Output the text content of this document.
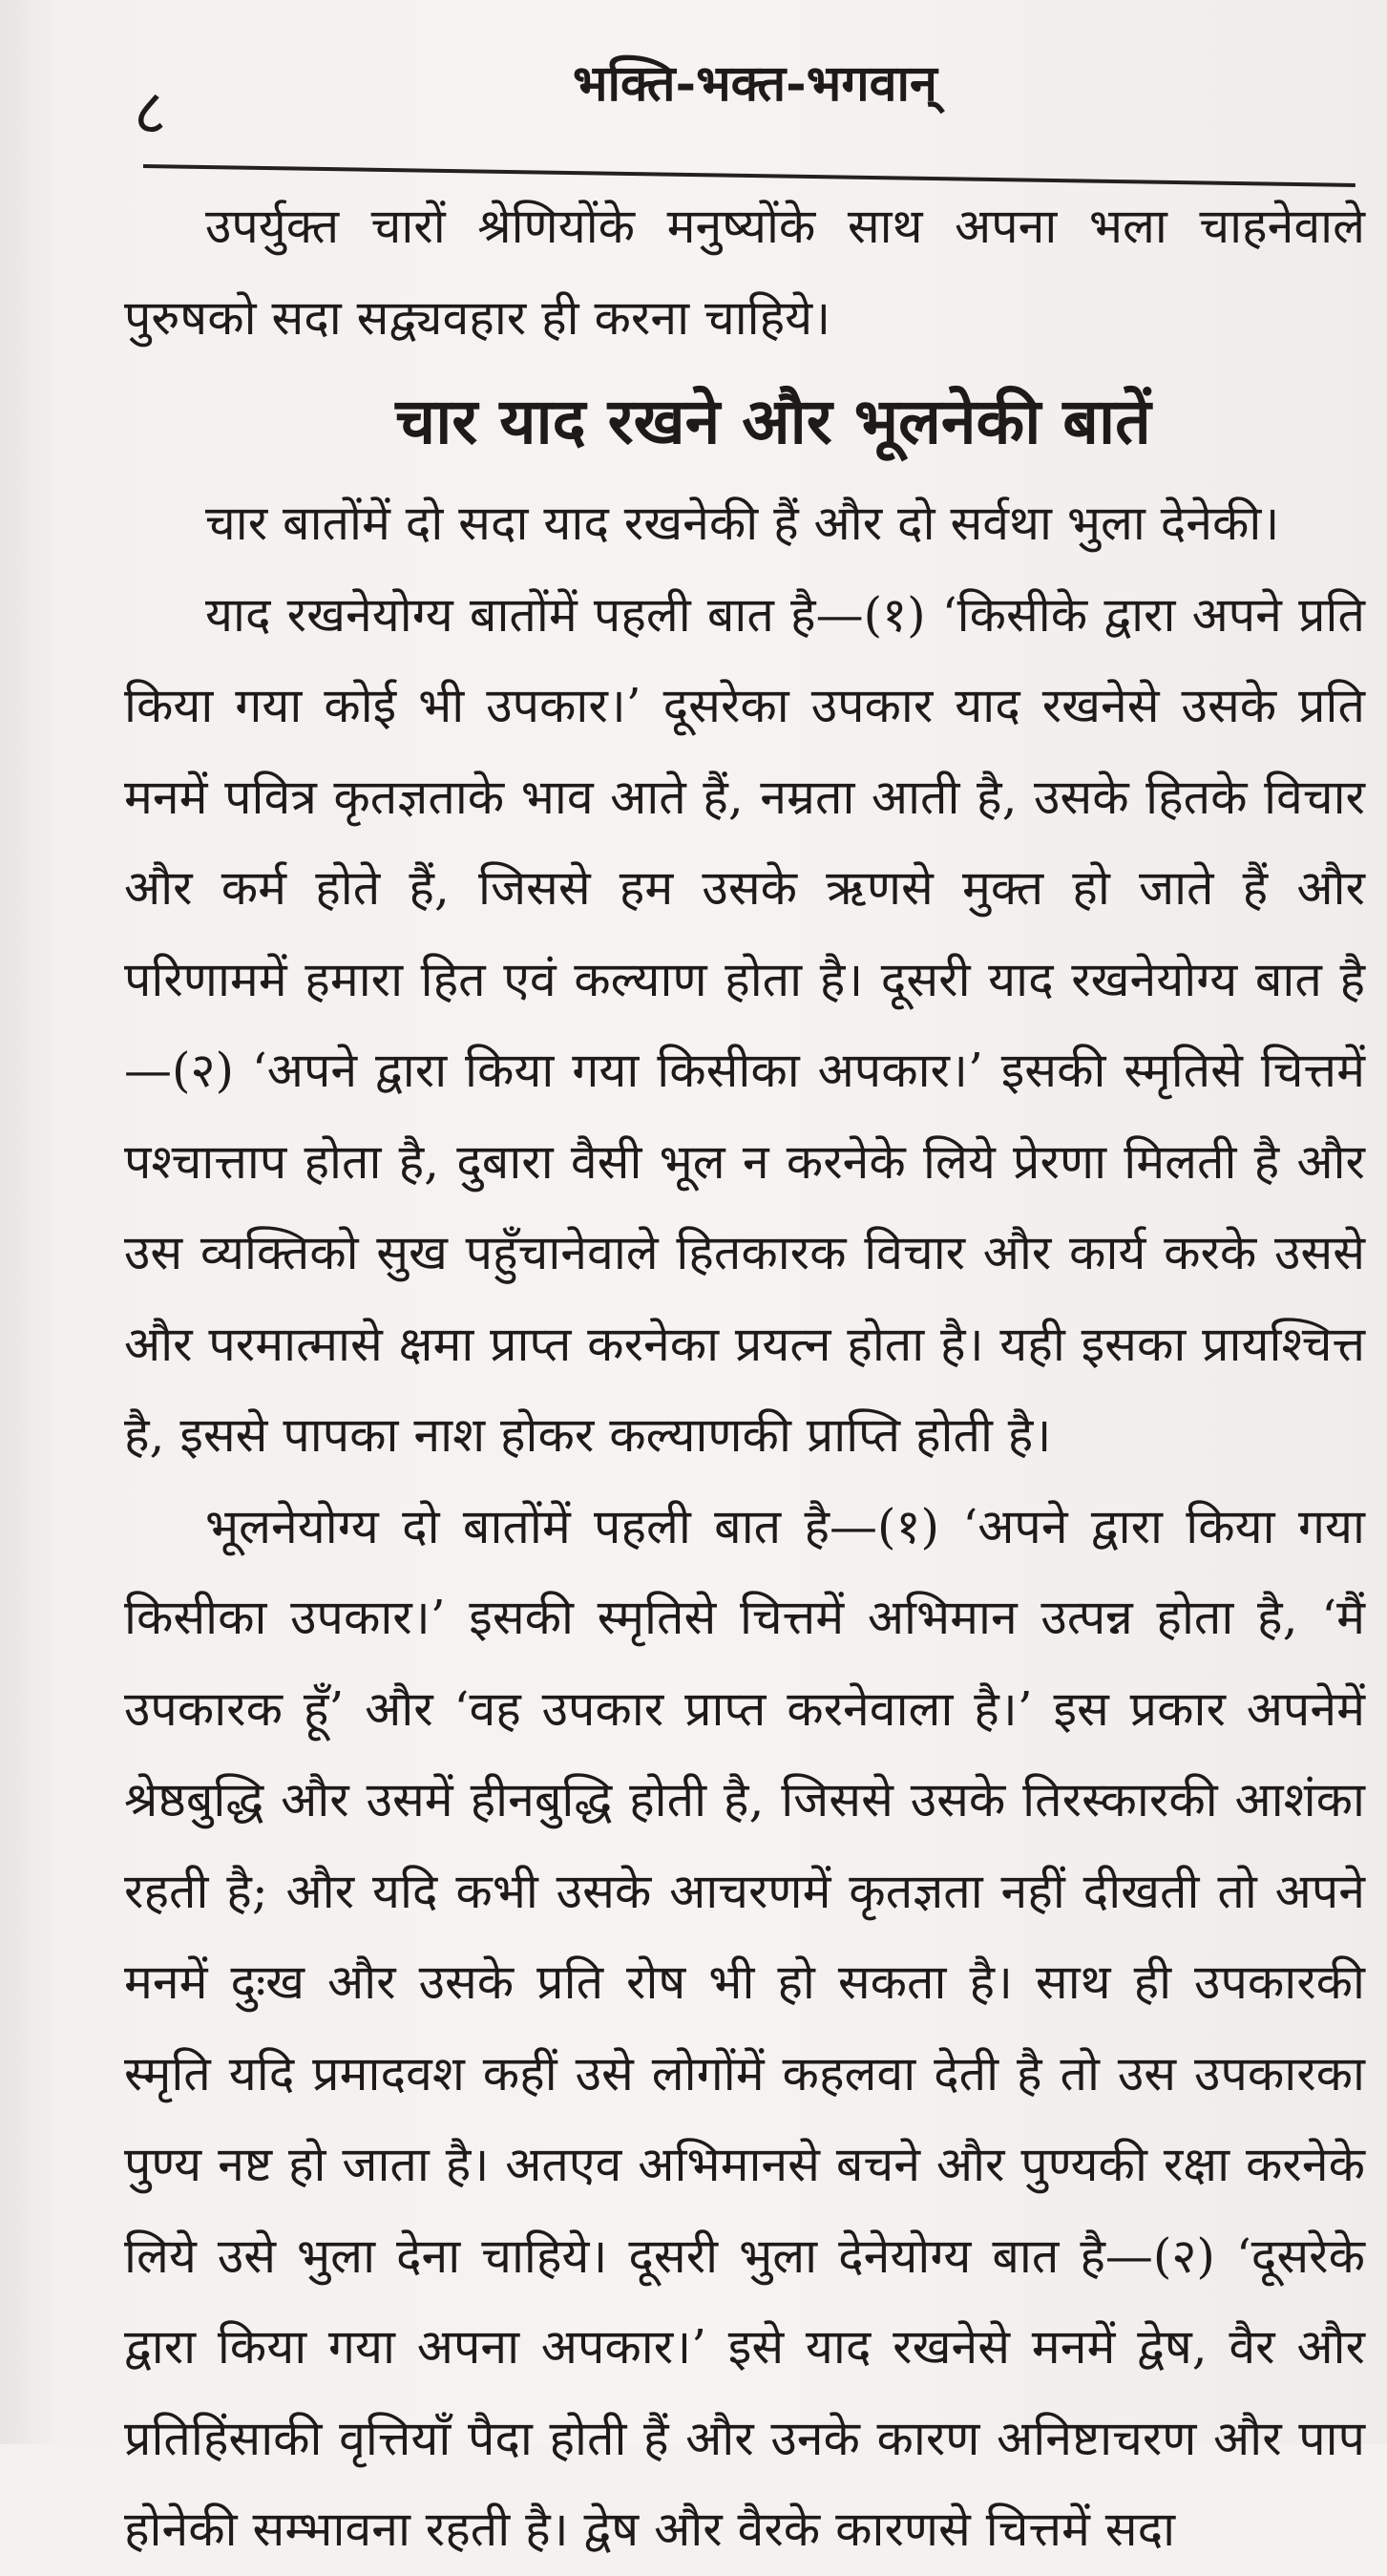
८	भक्ति-भक्त-भगवान्

उपर्युक्त चारों श्रेणियोंके मनुष्योंके साथ अपना भला चाहनेवाले पुरुषको सदा सद्व्यवहार ही करना चाहिये।

चार याद रखने और भूलनेकी बातें

चार बातोंमें दो सदा याद रखनेकी हैं और दो सर्वथा भुला देनेकी।

याद रखनेयोग्य बातोंमें पहली बात है—(१) ‘किसीके द्वारा अपने प्रति किया गया कोई भी उपकार।’ दूसरेका उपकार याद रखनेसे उसके प्रति मनमें पवित्र कृतज्ञताके भाव आते हैं, नम्रता आती है, उसके हितके विचार और कर्म होते हैं, जिससे हम उसके ऋणसे मुक्त हो जाते हैं और परिणाममें हमारा हित एवं कल्याण होता है। दूसरी याद रखनेयोग्य बात है—(२) ‘अपने द्वारा किया गया किसीका अपकार।’ इसकी स्मृतिसे चित्तमें पश्चात्ताप होता है, दुबारा वैसी भूल न करनेके लिये प्रेरणा मिलती है और उस व्यक्तिको सुख पहुँचानेवाले हितकारक विचार और कार्य करके उससे और परमात्मासे क्षमा प्राप्त करनेका प्रयत्न होता है। यही इसका प्रायश्चित्त है, इससे पापका नाश होकर कल्याणकी प्राप्ति होती है।

भूलनेयोग्य दो बातोंमें पहली बात है—(१) ‘अपने द्वारा किया गया किसीका उपकार।’ इसकी स्मृतिसे चित्तमें अभिमान उत्पन्न होता है, ‘मैं उपकारक हूँ’ और ‘वह उपकार प्राप्त करनेवाला है।’ इस प्रकार अपनेमें श्रेष्ठबुद्धि और उसमें हीनबुद्धि होती है, जिससे उसके तिरस्कारकी आशंका रहती है; और यदि कभी उसके आचरणमें कृतज्ञता नहीं दीखती तो अपने मनमें दुःख और उसके प्रति रोष भी हो सकता है। साथ ही उपकारकी स्मृति यदि प्रमादवश कहीं उसे लोगोंमें कहलवा देती है तो उस उपकारका पुण्य नष्ट हो जाता है। अतएव अभिमानसे बचने और पुण्यकी रक्षा करनेके लिये उसे भुला देना चाहिये। दूसरी भुला देनेयोग्य बात है—(२) ‘दूसरेके द्वारा किया गया अपना अपकार।’ इसे याद रखनेसे मनमें द्वेष, वैर और प्रतिहिंसाकी वृत्तियाँ पैदा होती हैं और उनके कारण अनिष्टाचरण और पाप होनेकी सम्भावना रहती है। द्वेष और वैरके कारणसे चित्तमें सदा
